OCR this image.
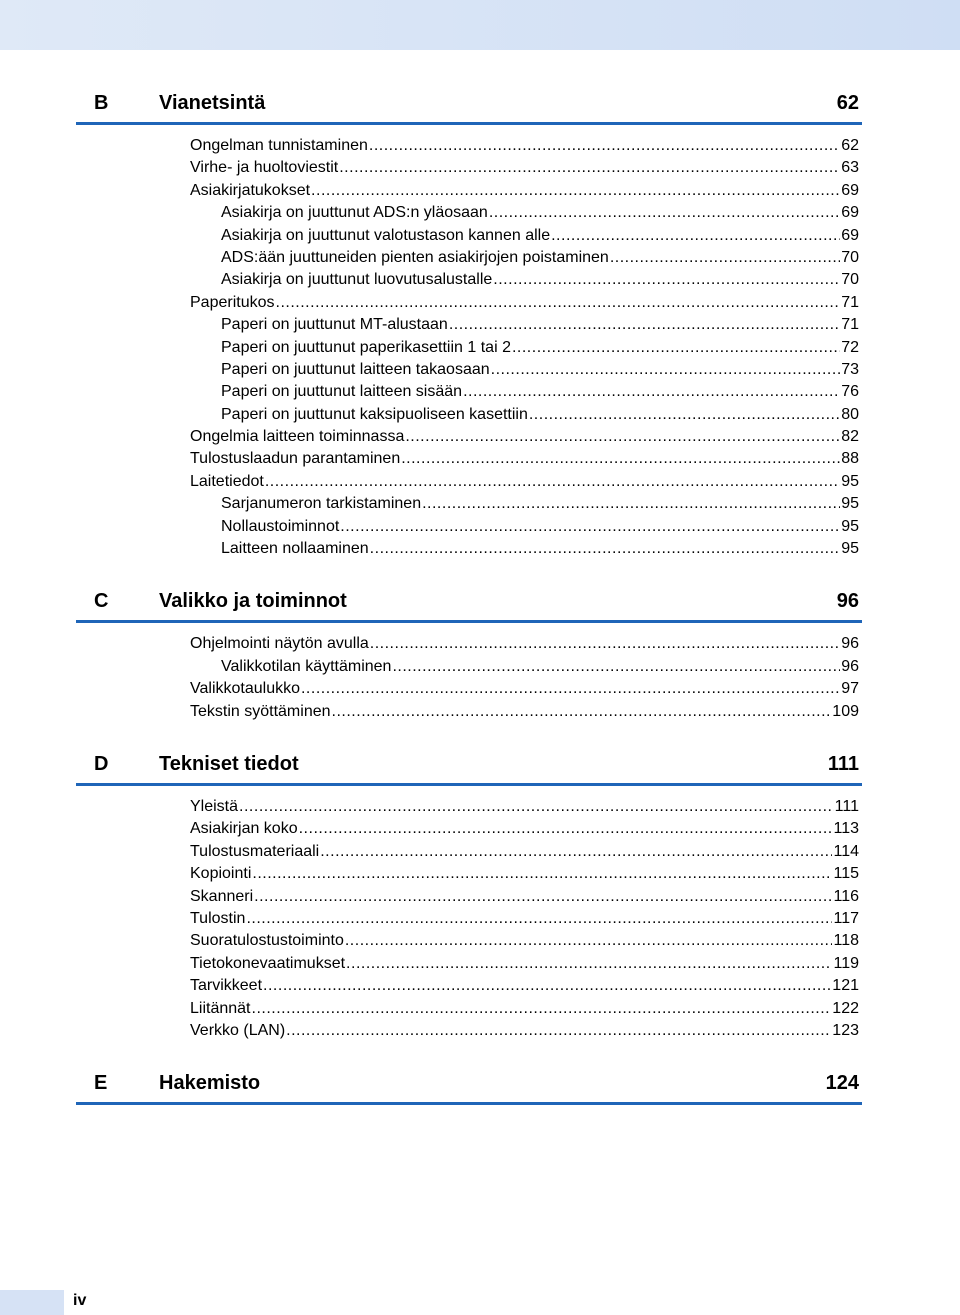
B	Vianetsintä	62
Ongelman tunnistaminen .....	62
Virhe- ja huoltoviestit .....	63
Asiakirjatukokset .....	69
Asiakirja on juuttunut ADS:n yläosaan .....	69
Asiakirja on juuttunut valotustason kannen alle .....	69
ADS:ään juuttuneiden pienten asiakirjojen poistaminen .....	70
Asiakirja on juuttunut luovutusalustalle .....	70
Paperitukos .....	71
Paperi on juuttunut MT-alustaan .....	71
Paperi on juuttunut paperikasettiin 1 tai 2 .....	72
Paperi on juuttunut laitteen takaosaan .....	73
Paperi on juuttunut laitteen sisään .....	76
Paperi on juuttunut kaksipuoliseen kasettiin .....	80
Ongelmia laitteen toiminnassa .....	82
Tulostuslaadun parantaminen .....	88
Laitetiedot .....	95
Sarjanumeron tarkistaminen .....	95
Nollaustoiminnot .....	95
Laitteen nollaaminen .....	95
C	Valikko ja toiminnot	96
Ohjelmointi näytön avulla .....	96
Valikkotilan käyttäminen .....	96
Valikkotaulukko .....	97
Tekstin syöttäminen .....	109
D	Tekniset tiedot	111
Yleistä .....	111
Asiakirjan koko .....	113
Tulostusmateriaali .....	114
Kopiointi .....	115
Skanneri .....	116
Tulostin .....	117
Suoratulostustoiminto .....	118
Tietokonevaatimukset .....	119
Tarvikkeet .....	121
Liitännät .....	122
Verkko (LAN) .....	123
E	Hakemisto	124
iv
